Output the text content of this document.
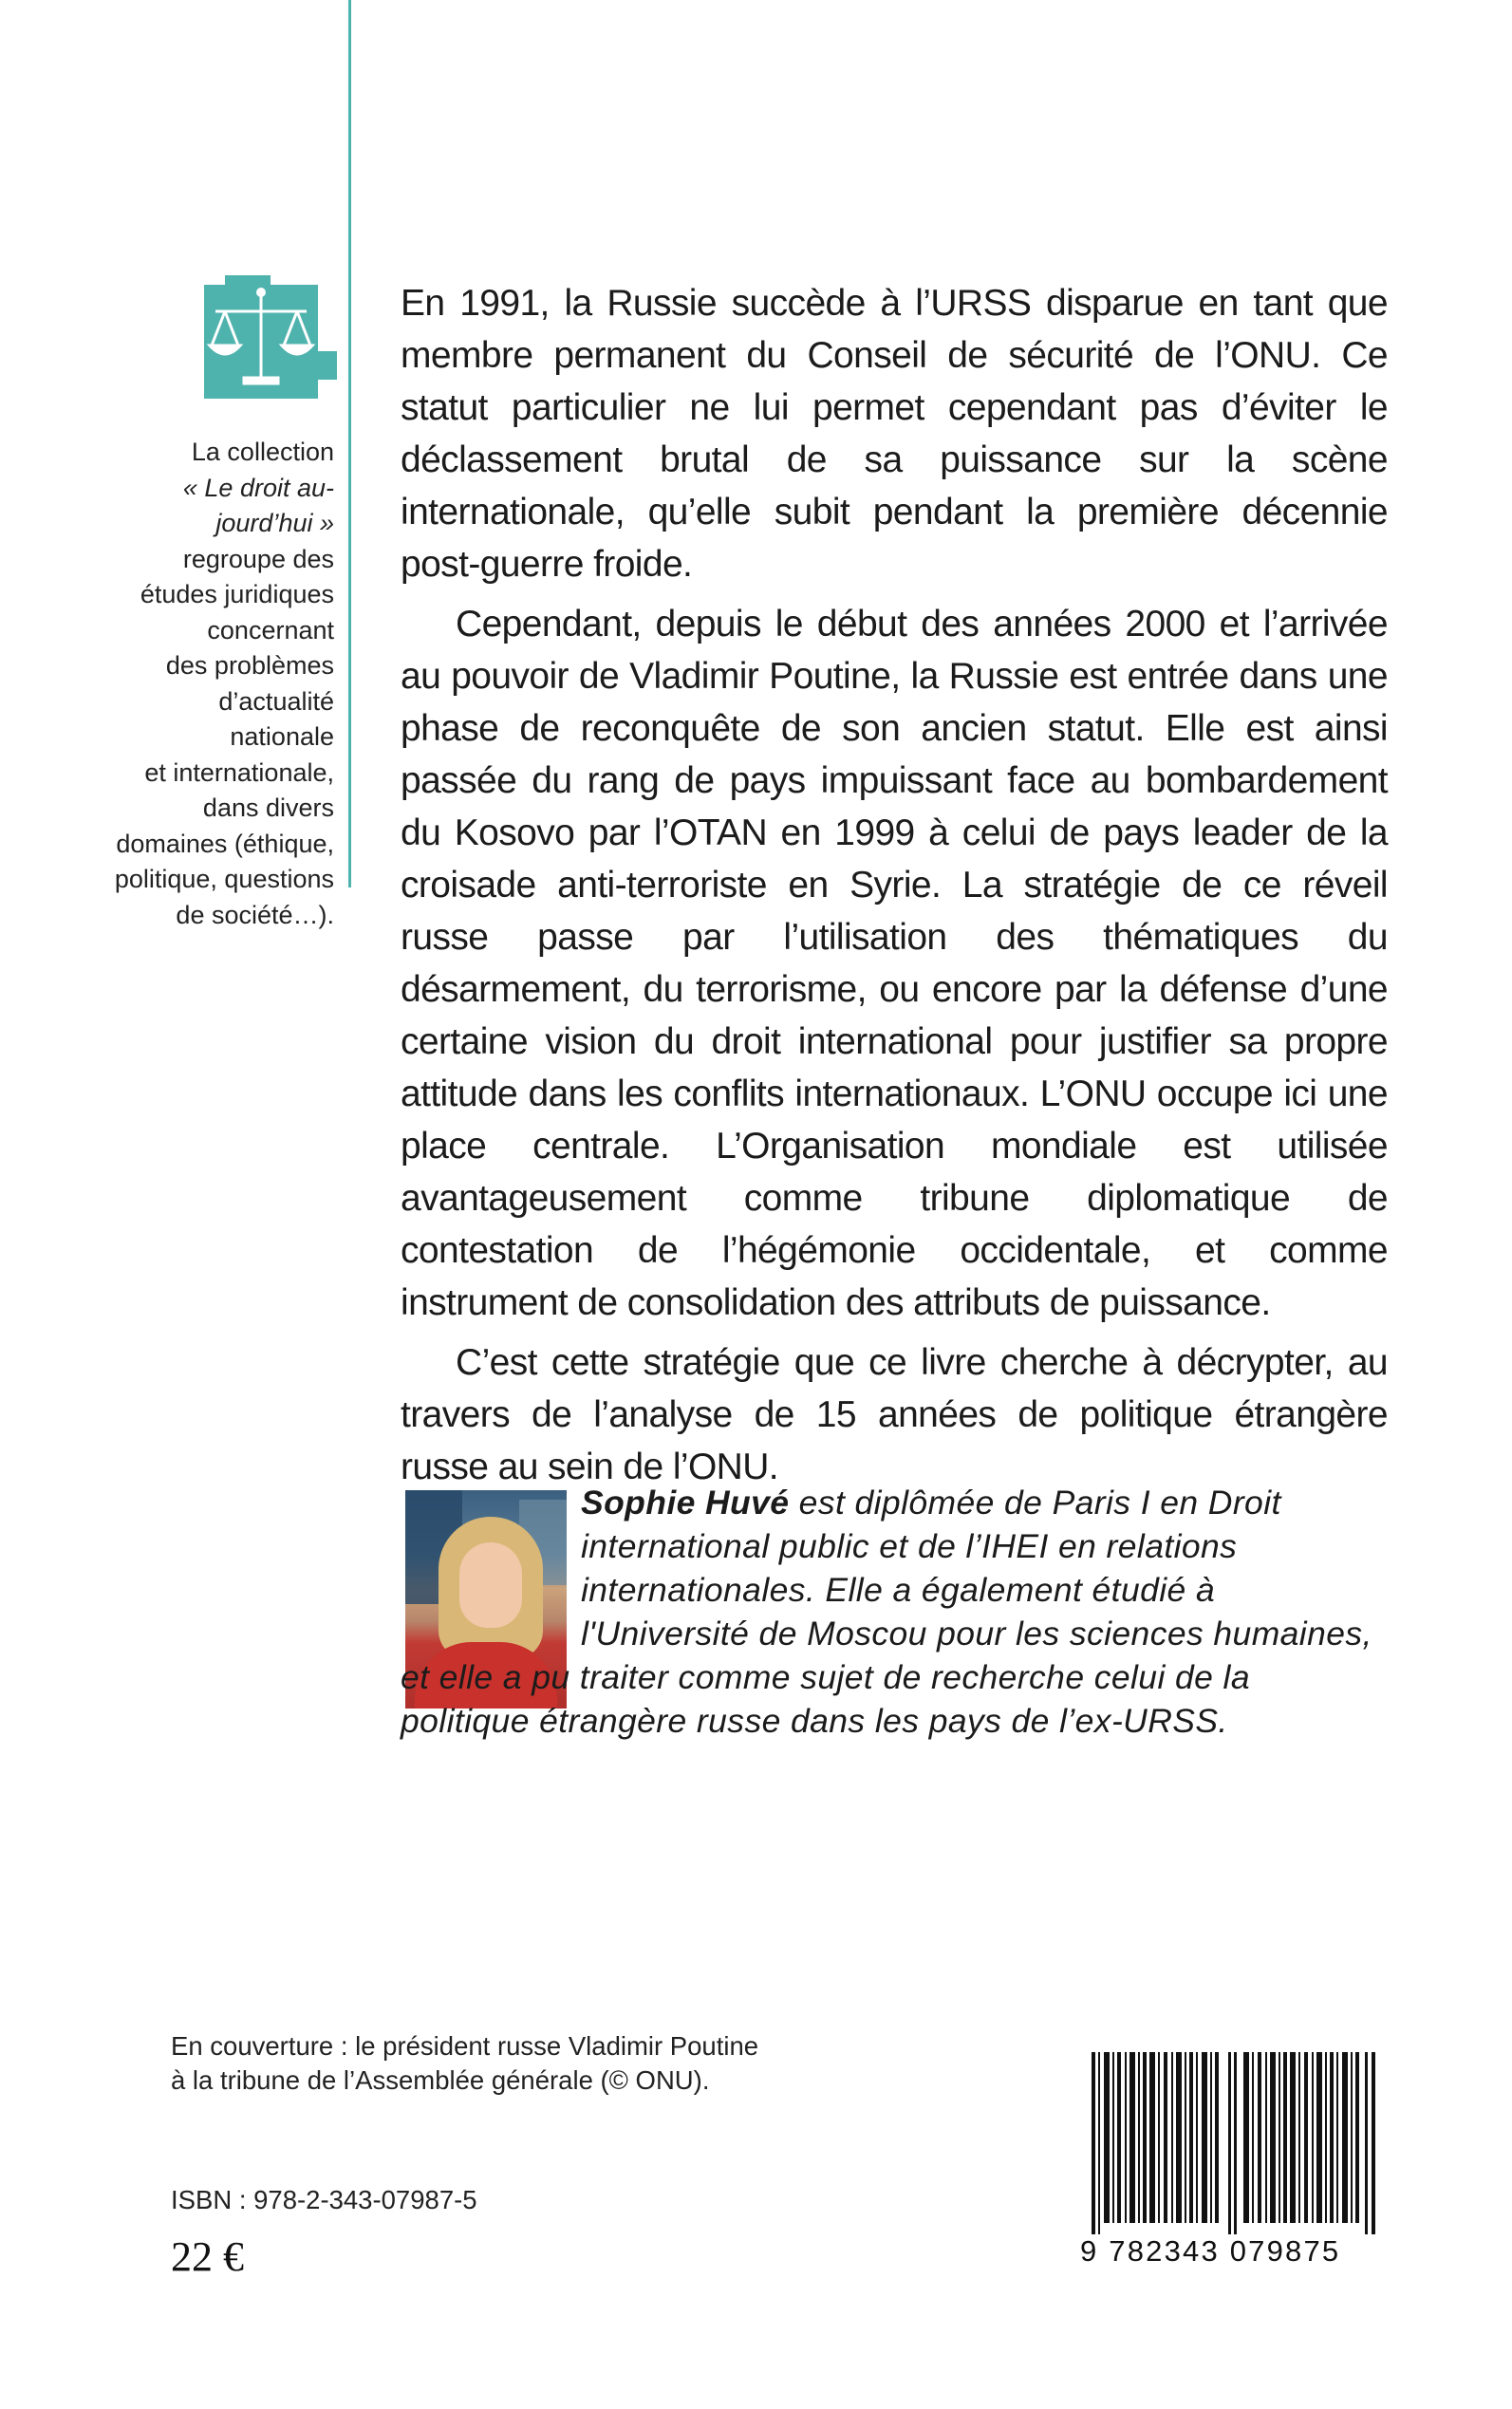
La collection
« Le droit au-
jourd’hui »
regroupe des
études juridiques
concernant
des problèmes
d’actualité nationale
et internationale,
dans divers
domaines (éthique,
politique, questions
de société…).

En 1991, la Russie succède à l’URSS disparue en tant que membre permanent du Conseil de sécurité de l’ONU. Ce statut particulier ne lui permet cependant pas d’éviter le déclassement brutal de sa puissance sur la scène internationale, qu’elle subit pendant la première décennie post-guerre froide.

Cependant, depuis le début des années 2000 et l’arrivée au pouvoir de Vladimir Poutine, la Russie est entrée dans une phase de reconquête de son ancien statut. Elle est ainsi passée du rang de pays impuissant face au bombardement du Kosovo par l’OTAN en 1999 à celui de pays leader de la croisade anti-terroriste en Syrie. La stratégie de ce réveil russe passe par l’utilisation des thématiques du désarmement, du terrorisme, ou encore par la défense d’une certaine vision du droit international pour justifier sa propre attitude dans les conflits internationaux. L’ONU occupe ici une place centrale. L’Organisation mondiale est utilisée avantageusement comme tribune diplomatique de contestation de l’hégémonie occidentale, et comme instrument de consolidation des attributs de puissance.

C’est cette stratégie que ce livre cherche à décrypter, au travers de l’analyse de 15 années de politique étrangère russe au sein de l’ONU.

Sophie Huvé est diplômée de Paris I en Droit international public et de l’IHEI en relations internationales. Elle a également étudié à l'Université de Moscou pour les sciences humaines, et elle a pu traiter comme sujet de recherche celui de la politique étrangère russe dans les pays de l’ex-URSS.
En couverture : le président russe Vladimir Poutine
à la tribune de l’Assemblée générale (© ONU).
ISBN : 978-2-343-07987-5
22 €	9 782343 079875
